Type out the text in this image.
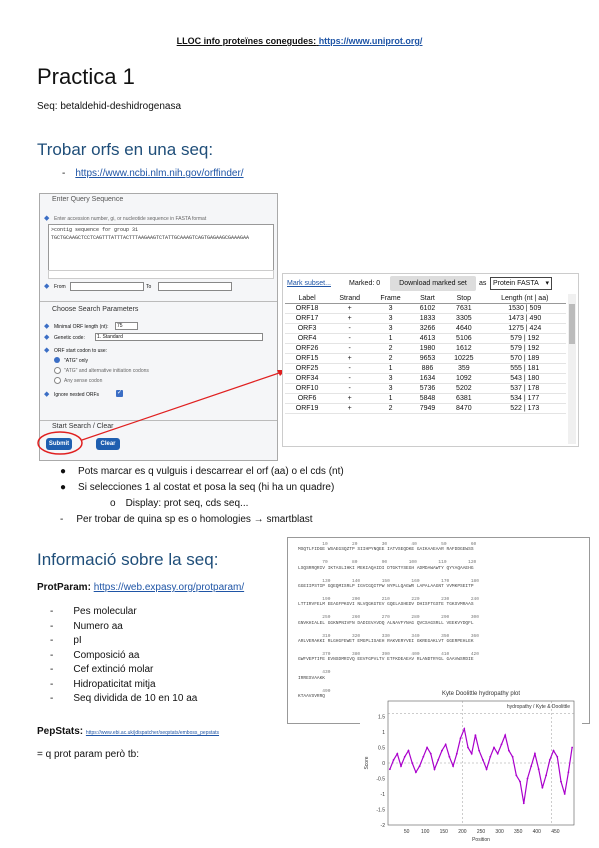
LLOC info proteïnes conegudes: https://www.uniprot.org/
Practica 1
Seq: betaldehid-deshidrogenasa
Trobar orfs en una seq:
- https://www.ncbi.nlm.nih.gov/orffinder/
Enter Query Sequence
◆ Enter accession number, gi, or nucleotide sequence in FASTA format
>contig sequence for group 31
TGCTGCAAGCTCCTCAGTTTATTTACTTTAAGAAGTCTATTGCAAAGTCAGTGAGAAGCGAAAGAA
◆ From	To
Choose Search Parameters
◆ Minimal ORF length (nt):	75
◆ Genetic code:	1. Standard
◆ ORF start codon to use:
"ATG" only
"ATG" and alternative initiation codons
Any sense codon
◆ Ignore nested ORFs	✓
Start Search / Clear
Submit	Clear
Mark subset...	Marked: 0	Download marked set	as Protein FASTA ▾
Label	Strand	Frame	Start	Stop	Length (nt | aa)
ORF18	+	3	6102	7631	1530 | 509
ORF17	+	3	1833	3305	1473 | 490
ORF3	-	3	3266	4640	1275 | 424
ORF4	-	1	4613	5106	579 | 192
ORF26	-	2	1980	1612	579 | 192
ORF15	+	2	9653	10225	570 | 189
ORF25	-	1	886	359	555 | 181
ORF34	-	3	1634	1092	543 | 180
ORF10	-	3	5736	5202	537 | 178
ORF6	+	1	5848	6381	534 | 177
ORF19	+	2	7949	8470	522 | 173
● Pots marcar es q vulguis i descarrear el orf (aa) o el cds (nt)
● Si selecciones 1 al costat et posa la seq (hi ha un quadre)
o Display: prot seq, cds seq...
- Per trobar de quina sp es o homologies → smartblast
Informació sobre la seq:
ProtParam: https://web.expasy.org/protparam/
- Pes molecular
- Numero aa
- pI
- Composició aa
- Cef extinció molar
- Hidropaticitat mitja
- Seq dividida de 10 en 10 aa
PepStats: https://www.ebi.ac.uk/jdispatcher/seqstats/emboss_pepstats
= q prot param però tb:
10         20         30         40         50         60
MSQTLFIDGE WSAEGSQZTP SIIHPYNQEE IATVSEQDKE GAIKAAEAAR RAFDDGEWSS
70         80         90        100        110        120
LSQSRRQRIV IKTASLIHKI MEKIAQAIDI DTGKTYSEGH ADMDAWAWTY QYYAQAAEHG
130        140        150        160        170        180
GGEIIPSTIP GQEQMISRLP IGVCGQITPW NYPLLQAGWR LAPALAAGNT VVMKPSEITP
190        200        210        220        230        240
LTTIRVFELM EEAGFPKGVI NLVQGKGTEV GQELASHEDV DHISFTGSTE TGKSVMRAAS
250        260        270        280        290        300
GNVKHIALEL GGKNPNIVFN DADIEVAVDQ ALNAVFYNAG QVCSAGSRLL VEEKVYDQFL
310        320        330        340        350        360
ARLVERAKKI RLGHGFEWET EMGPLISAEH RAKVERYVEI GKREGAKLVT GGERPEHLEK
370        380        390        400        410        420
GWFVEPTIFE EVNSDMRIVQ EEVFGPVLTV ETFKDEAEAV RLANDTRYGL GAAVWSRDIE
430
IRRESVAAKK
490
KTAAVSVRRQ	Kyte Doolittle hydropathy plot
50 100 150 200 250 300 350 400 450
-2
-1.5
-1
-0.5
0
0.5
1
1.5
Position
Score
hydropathy / Kyte & Doolittle
